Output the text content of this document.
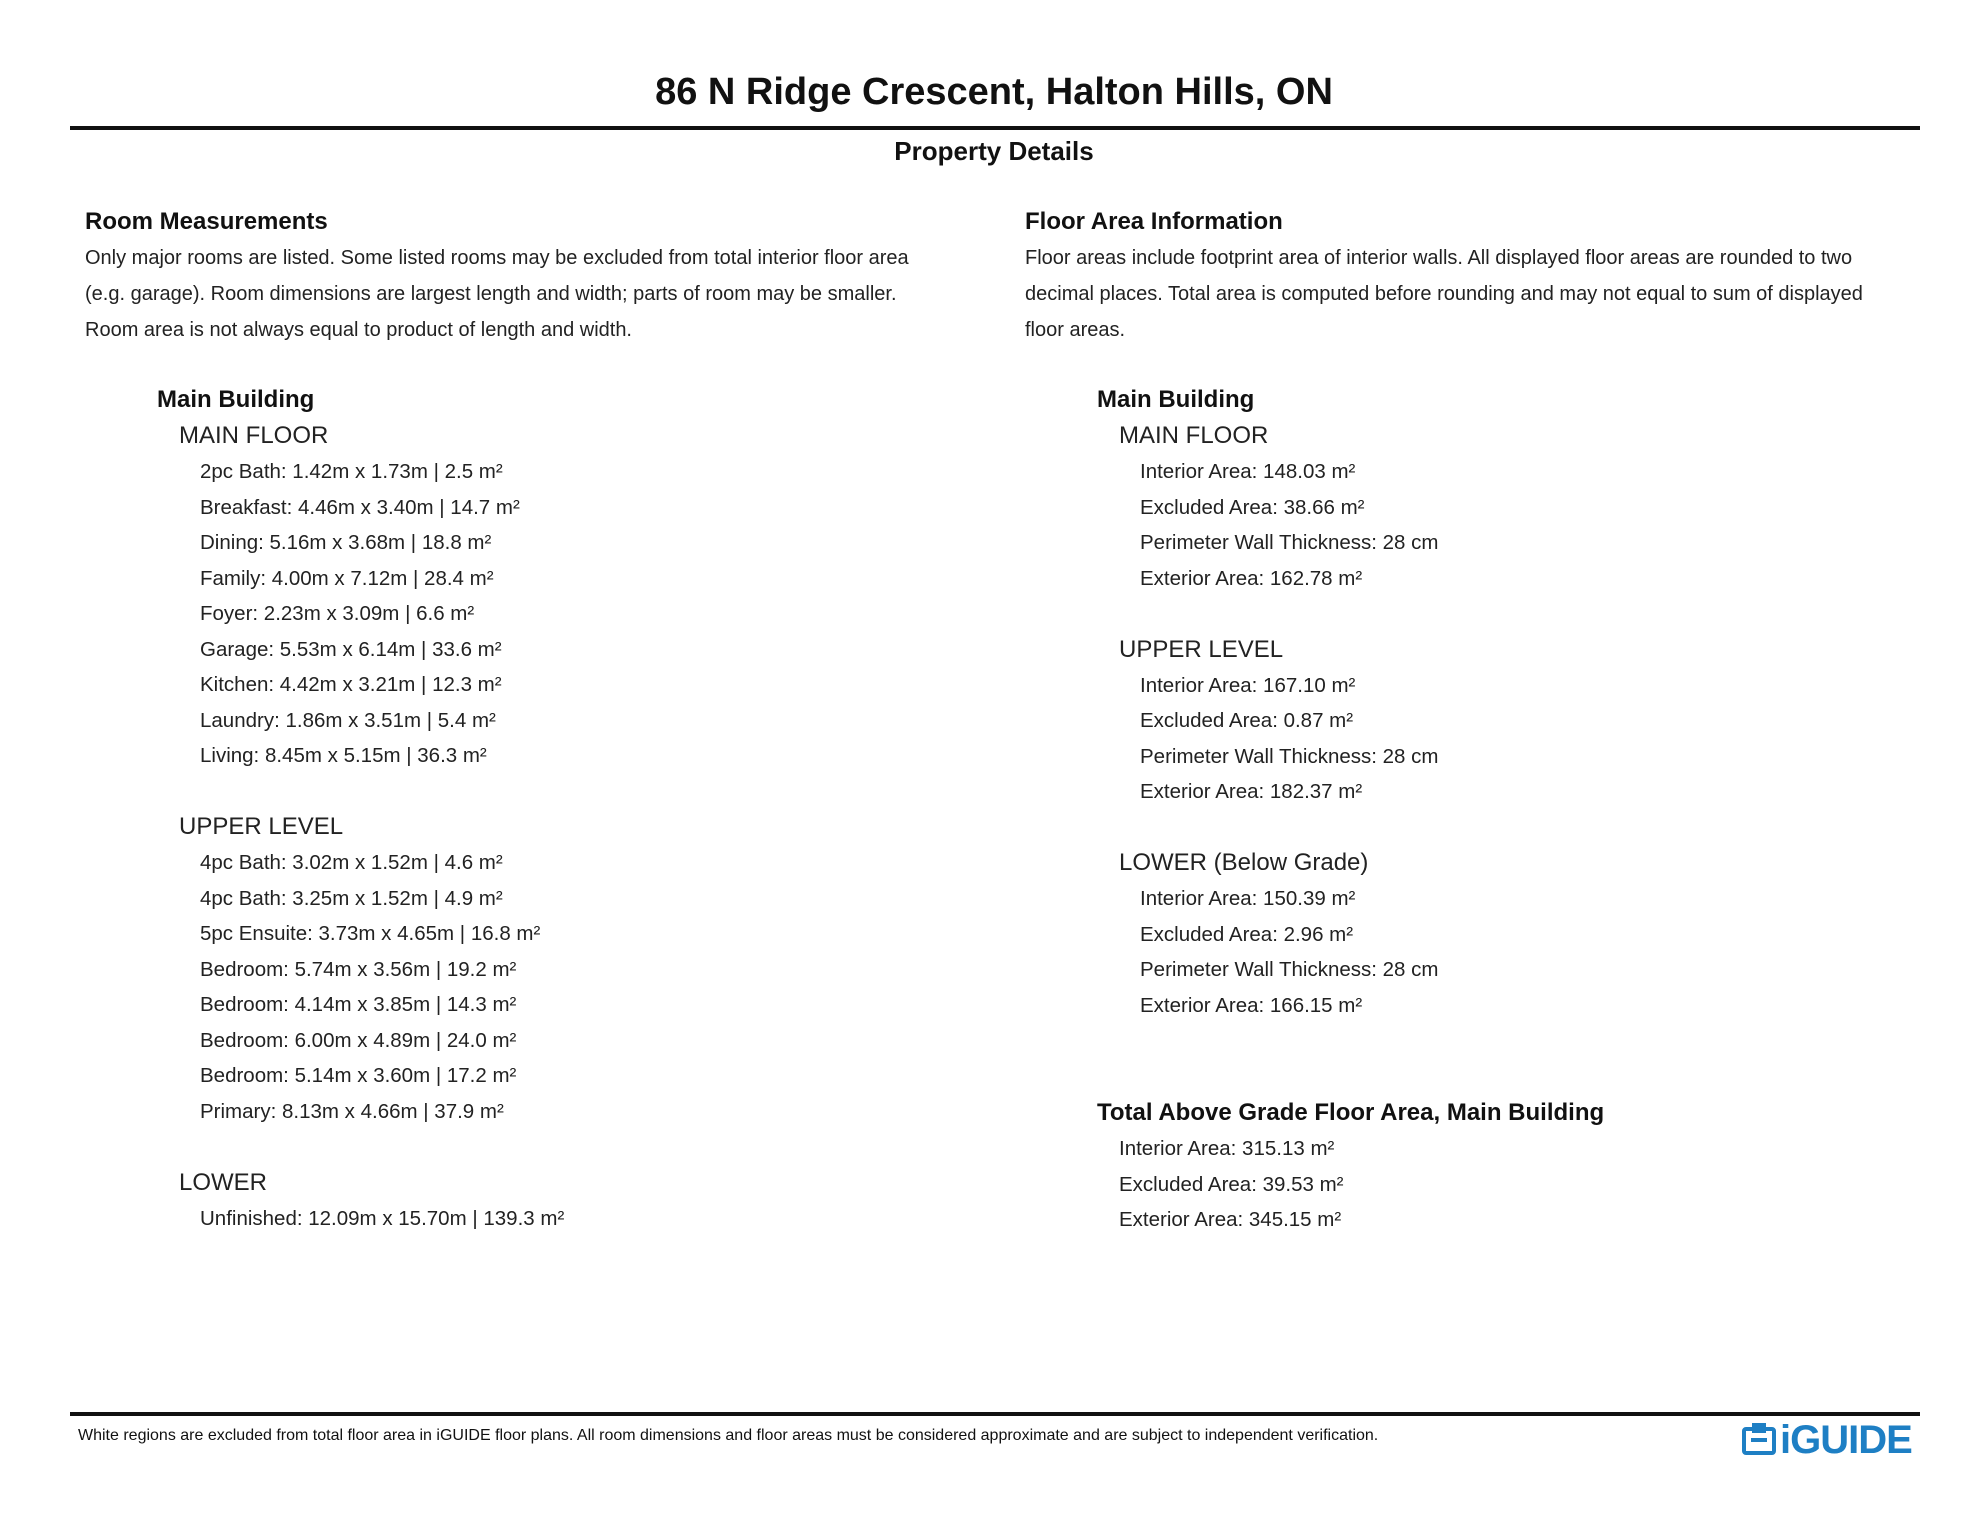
86 N Ridge Crescent, Halton Hills, ON
Property Details
Room Measurements
Only major rooms are listed. Some listed rooms may be excluded from total interior floor area
(e.g. garage). Room dimensions are largest length and width; parts of room may be smaller.
Room area is not always equal to product of length and width.
Main Building
MAIN FLOOR
2pc Bath: 1.42m x 1.73m | 2.5 m²
Breakfast: 4.46m x 3.40m | 14.7 m²
Dining: 5.16m x 3.68m | 18.8 m²
Family: 4.00m x 7.12m | 28.4 m²
Foyer: 2.23m x 3.09m | 6.6 m²
Garage: 5.53m x 6.14m | 33.6 m²
Kitchen: 4.42m x 3.21m | 12.3 m²
Laundry: 1.86m x 3.51m | 5.4 m²
Living: 8.45m x 5.15m | 36.3 m²
UPPER LEVEL
4pc Bath: 3.02m x 1.52m | 4.6 m²
4pc Bath: 3.25m x 1.52m | 4.9 m²
5pc Ensuite: 3.73m x 4.65m | 16.8 m²
Bedroom: 5.74m x 3.56m | 19.2 m²
Bedroom: 4.14m x 3.85m | 14.3 m²
Bedroom: 6.00m x 4.89m | 24.0 m²
Bedroom: 5.14m x 3.60m | 17.2 m²
Primary: 8.13m x 4.66m | 37.9 m²
LOWER
Unfinished: 12.09m x 15.70m | 139.3 m²
Floor Area Information
Floor areas include footprint area of interior walls. All displayed floor areas are rounded to two
decimal places. Total area is computed before rounding and may not equal to sum of displayed
floor areas.
Main Building
MAIN FLOOR
Interior Area: 148.03 m²
Excluded Area: 38.66 m²
Perimeter Wall Thickness: 28 cm
Exterior Area: 162.78 m²
UPPER LEVEL
Interior Area: 167.10 m²
Excluded Area: 0.87 m²
Perimeter Wall Thickness: 28 cm
Exterior Area: 182.37 m²
LOWER (Below Grade)
Interior Area: 150.39 m²
Excluded Area: 2.96 m²
Perimeter Wall Thickness: 28 cm
Exterior Area: 166.15 m²
Total Above Grade Floor Area, Main Building
Interior Area: 315.13 m²
Excluded Area: 39.53 m²
Exterior Area: 345.15 m²
White regions are excluded from total floor area in iGUIDE floor plans. All room dimensions and floor areas must be considered approximate and are subject to independent verification.	iGUIDE
